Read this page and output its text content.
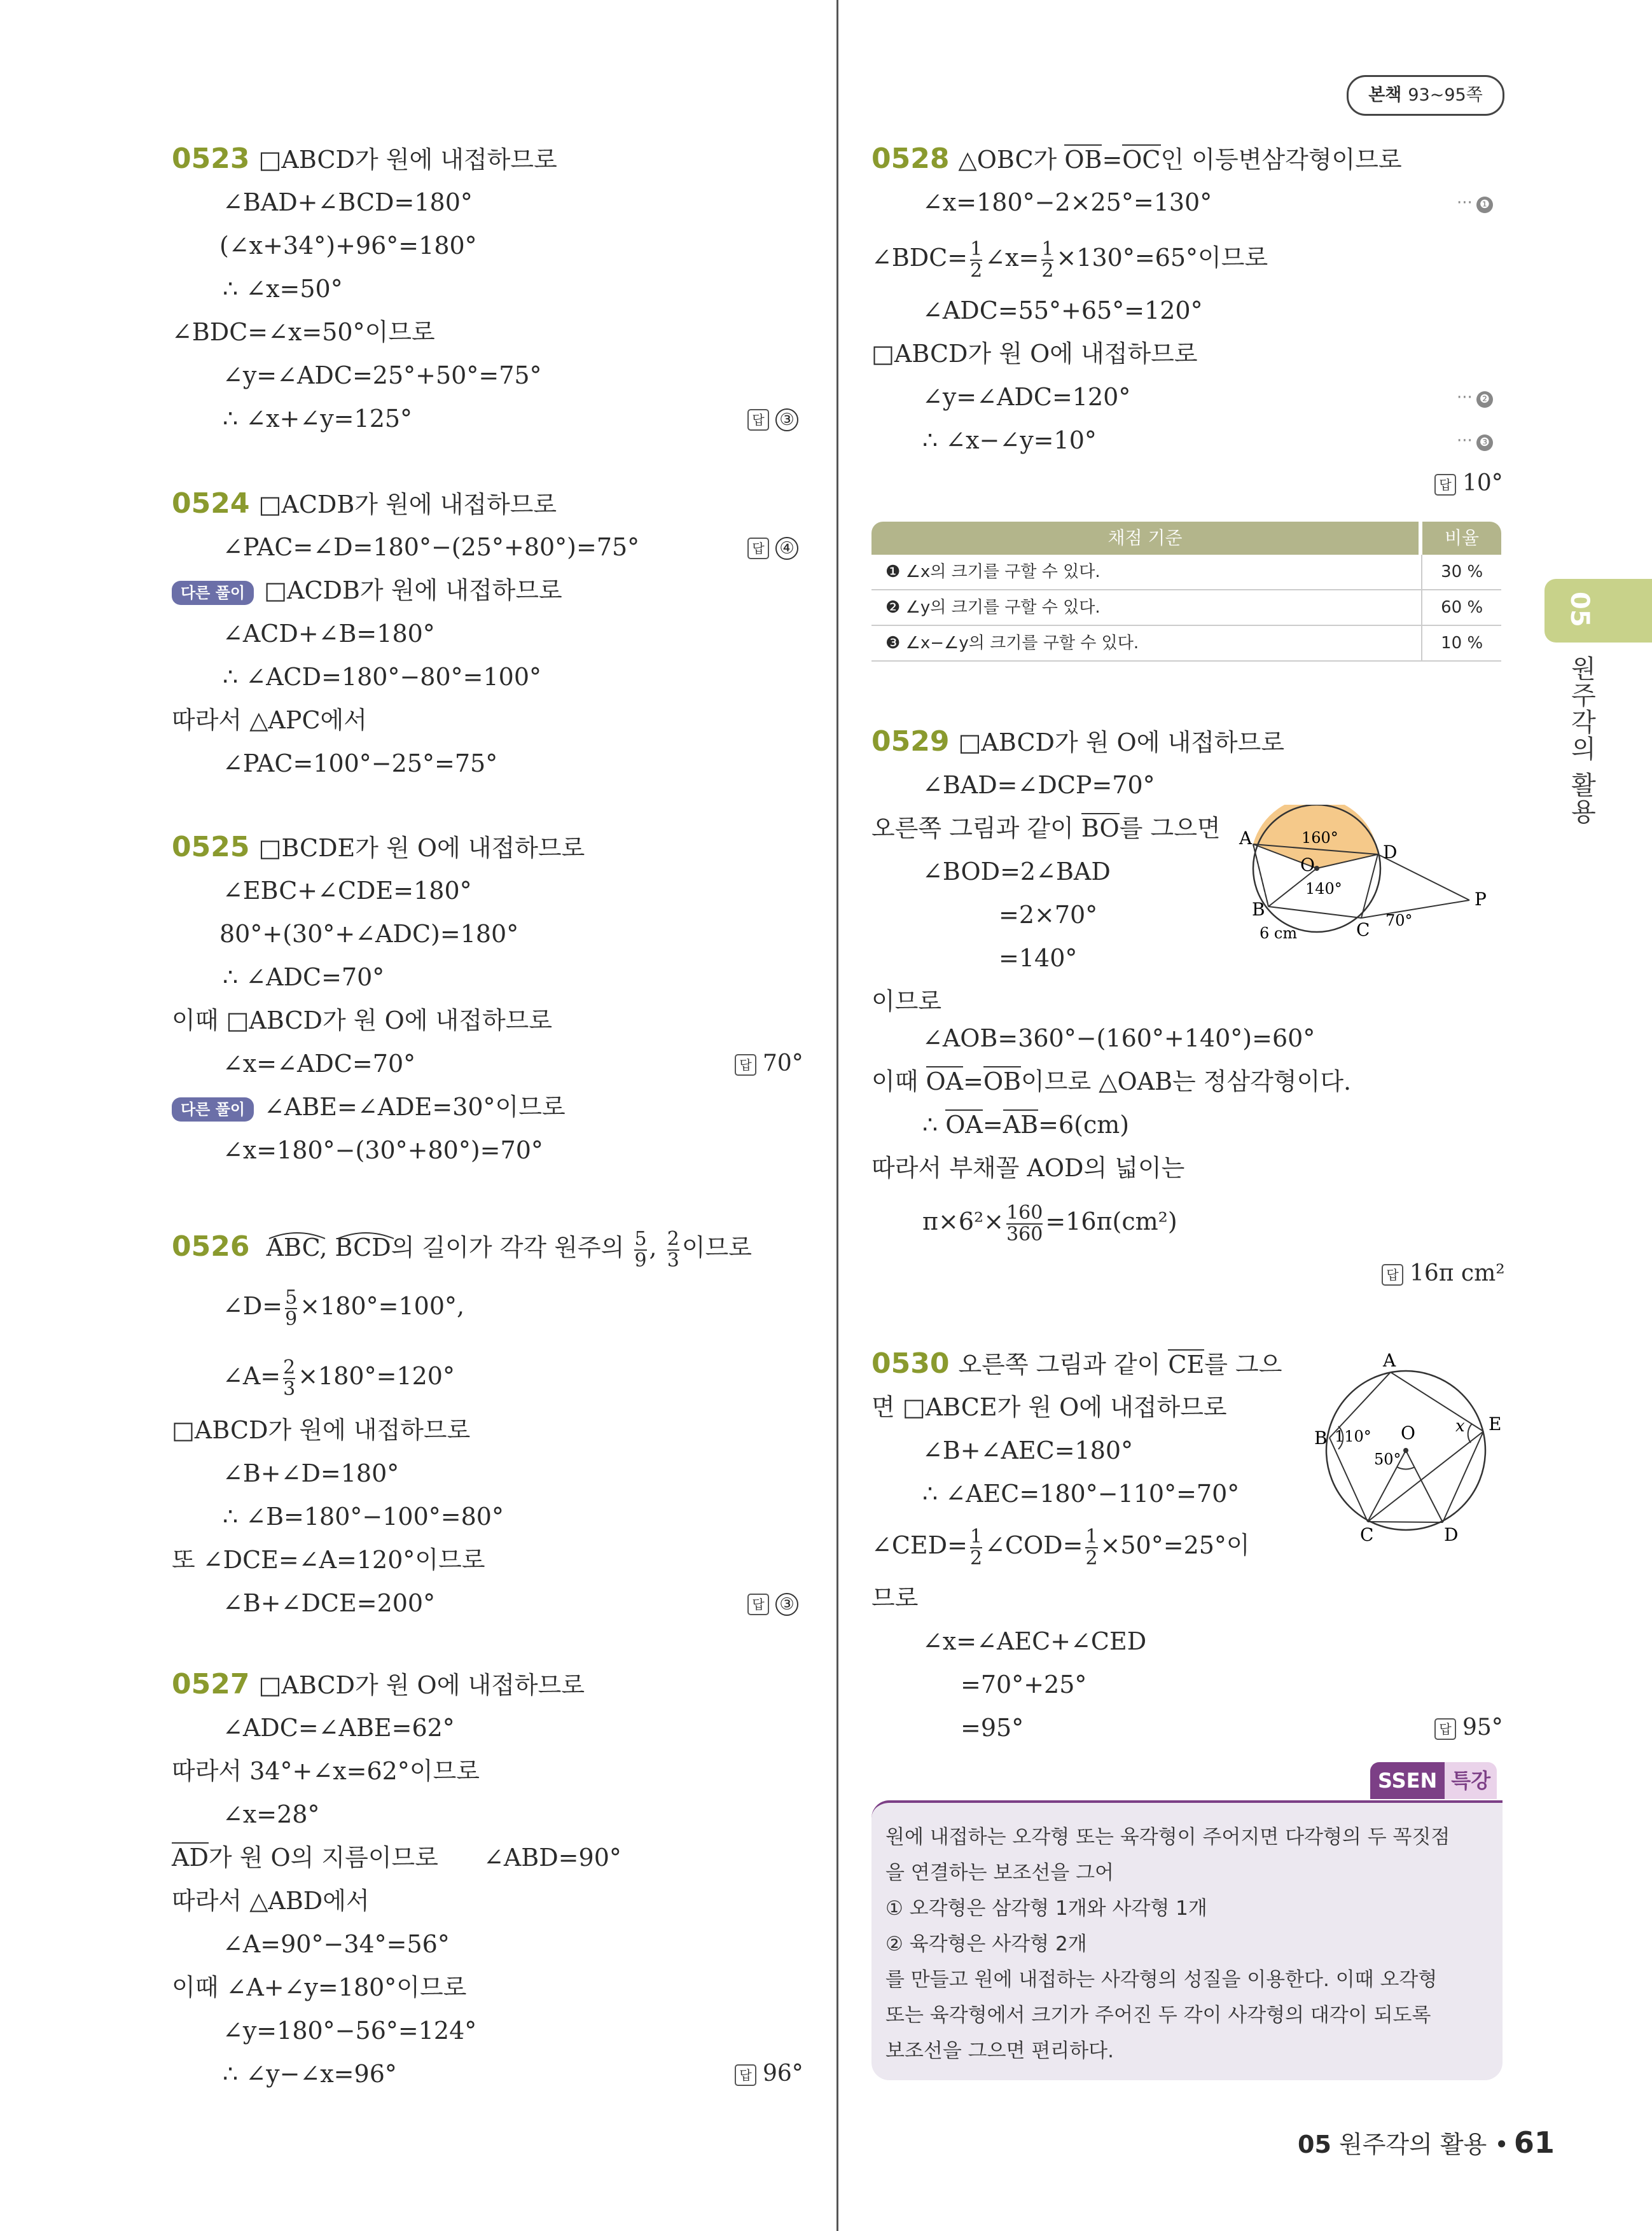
본책 93~95쪽
05
원주각의 활용
0523 □ABCD가 원에 내접하므로
∠BAD+∠BCD=180°
(∠x+34°)+96°=180°
∴ ∠x=50°
∠BDC=∠x=50°이므로
∠y=∠ADC=25°+50°=75°
∴ ∠x+∠y=125°	답 ③
0524 □ACDB가 원에 내접하므로
∠PAC=∠D=180°−(25°+80°)=75°	답 ④
다른 풀이 □ACDB가 원에 내접하므로
∠ACD+∠B=180°
∴ ∠ACD=180°−80°=100°
따라서 △APC에서
∠PAC=100°−25°=75°
0525 □BCDE가 원 O에 내접하므로
∠EBC+∠CDE=180°
80°+(30°+∠ADC)=180°
∴ ∠ADC=70°
이때 □ABCD가 원 O에 내접하므로
∠x=∠ADC=70°	답 70°
다른 풀이 ∠ABE=∠ADE=30°이므로
∠x=180°−(30°+80°)=70°
0526 ABC, BCD의 길이가 각각 원주의 $\frac{5}{9}$ , $\frac{2}{3}$ 이므로
∠D= $\frac{5}{9} \times 180^\circ=100^\circ$,
∠A= $\frac{2}{3} \times 180^\circ=120^\circ$
□ABCD가 원에 내접하므로
∠B+∠D=180°
∴ ∠B=180°−100°=80°
또 ∠DCE=∠A=120°이므로
∠B+∠DCE=200°	답 ③
0527 □ABCD가 원 O에 내접하므로
∠ADC=∠ABE=62°
따라서 34°+∠x=62°이므로
∠x=28°
AD가 원 O의 지름이므로 ∠ABD=90°
따라서 △ABD에서
∠A=90°−34°=56°
이때 ∠A+∠y=180°이므로
∠y=180°−56°=124°
∴ ∠y−∠x=96°	답 96°
0528 △OBC가 OB=OC인 이등변삼각형이므로
∠x=180°−2×25°=130°	··· ❶
∠BDC= $\frac{1}{2}$ ∠x= $\frac{1}{2} \times 130^\circ=65^\circ$이므로
∠ADC=55°+65°=120°
□ABCD가 원 O에 내접하므로
∠y=∠ADC=120°	··· ❷
∴ ∠x−∠y=10°	··· ❸
답 10°
채점 기준	비율
❶ ∠x의 크기를 구할 수 있다.	30 %
❷ ∠y의 크기를 구할 수 있다.	60 %
❸ ∠x−∠y의 크기를 구할 수 있다.	10 %
0529 □ABCD가 원 O에 내접하므로
∠BAD=∠DCP=70°
오른쪽 그림과 같이 BO를 그으면
∠BOD=2∠BAD
=2×70°
=140°
이므로
∠AOB=360°−(160°+140°)=60°
이때 OA=OB이므로 △OAB는 정삼각형이다.
∴ OA=AB=6(cm)
따라서 부채꼴 AOD의 넓이는
$\pi\times 6^2\times \frac{160}{360} =16\pi(cm^2)$
답 16π cm²
A
B
C
D
O
P
160°
140°
70°
6 cm
0530 오른쪽 그림과 같이 CE를 그으
면 □ABCE가 원 O에 내접하므로
∠B+∠AEC=180°
∴ ∠AEC=180°−110°=70°
∠CED= $\frac{1}{2}$ ∠COD= $\frac{1}{2} \times 50^\circ=25^\circ$이
므로
∠x=∠AEC+∠CED
=70°+25°
=95°	답 95°
A
B
C	D
E
O x
110°
50°
SSEN 특강
원에 내접하는 오각형 또는 육각형이 주어지면 다각형의 두 꼭짓점
을 연결하는 보조선을 그어
① 오각형은 삼각형 1개와 사각형 1개
② 육각형은 사각형 2개
를 만들고 원에 내접하는 사각형의 성질을 이용한다. 이때 오각형
또는 육각형에서 크기가 주어진 두 각이 사각형의 대각이 되도록
보조선을 그으면 편리하다.
05 원주각의 활용 • 61
